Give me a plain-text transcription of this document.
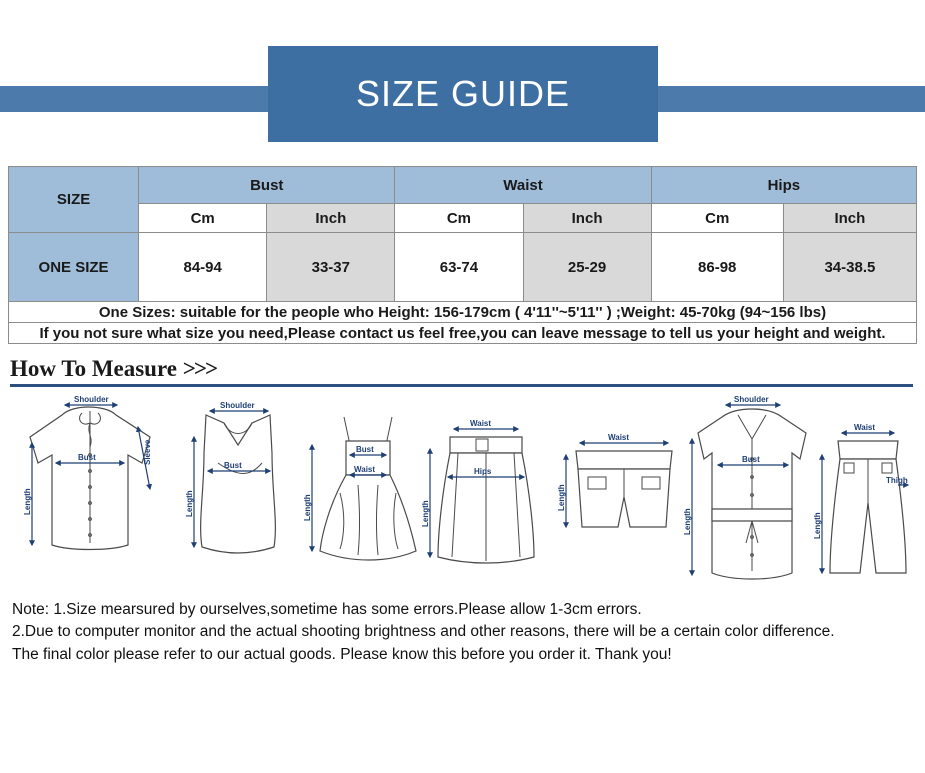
SIZE GUIDE
SIZE	Bust		Waist		Hips	
	Cm	Inch	Cm	Inch	Cm	Inch
ONE SIZE	84-94	33-37	63-74	25-29	86-98	34-38.5
One Sizes: suitable for the people who Height: 156-179cm ( 4'11''~5'11'' ) ;Weight: 45-70kg (94~156 lbs)						
If you not sure what size you need,Please contact us feel free,you can leave message to tell us your height and weight.						
How To Measure >>>
Shoulder
Bust	Sleeve
Length
Shoulder
Bust
Length
Bust
Waist
Length
Waist
Hips
Length
Waist
Length
Shoulder
Bust
Length
Waist
Thigh
Length
Note: 1.Size mearsured by ourselves,sometime has some errors.Please allow 1-3cm errors.
2.Due to computer monitor and the actual shooting brightness and other reasons, there will be a certain color difference.
The final color please refer to our actual goods. Please know this before you order it. Thank you!
